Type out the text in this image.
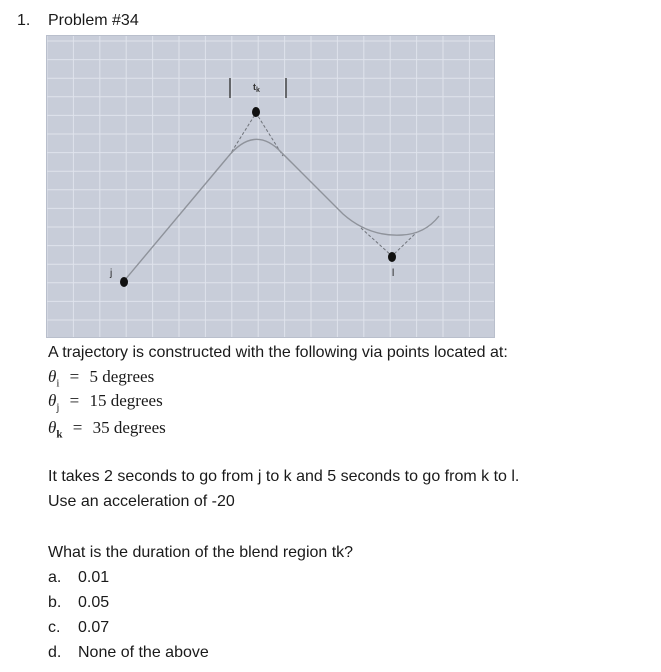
1. Problem #34
$t_k$
j	l
A trajectory is constructed with the following via points located at:
$\theta_i = 5$ degrees
$\theta_j = 15$ degrees
$\theta_k = 35$ degrees
It takes 2 seconds to go from j to k and 5 seconds to go from k to l.
Use an acceleration of -20
What is the duration of the blend region tk?
a. 0.01
b. 0.05
c. 0.07
d. None of the above
